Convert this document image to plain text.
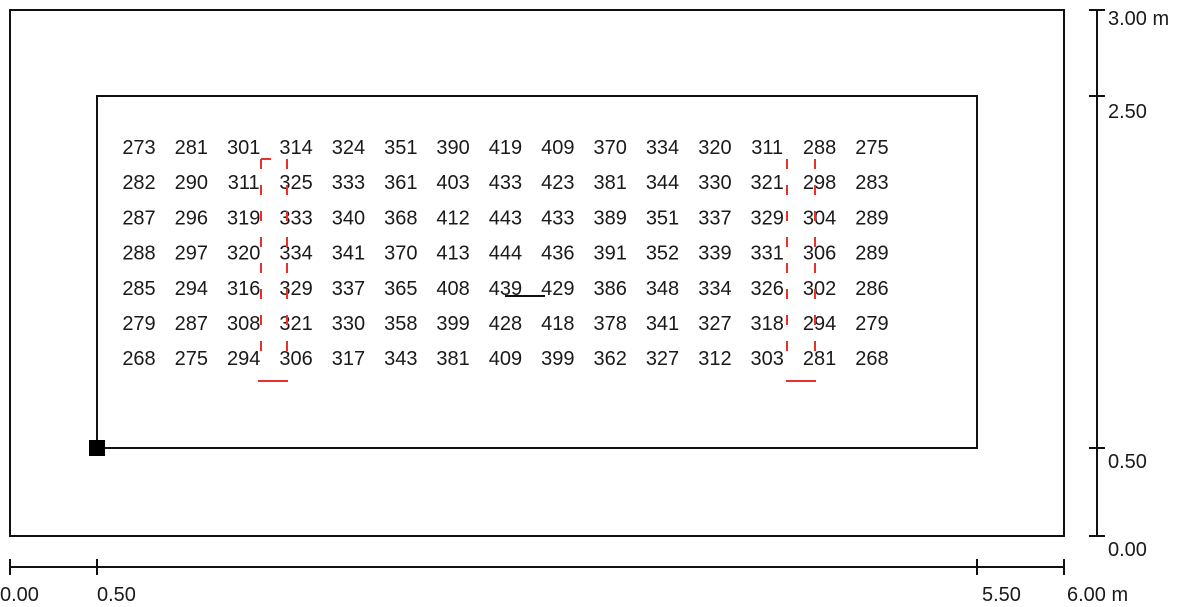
273 281 301 314 324 351 390 419 409 370 334 320 311 288 275
282 290 311 325 333 361 403 433 423 381 344 330 321 298 283
287 296 319 333 340 368 412 443 433 389 351 337 329 304 289
288 297 320 334 341 370 413 444 436 391 352 339 331 306 289
285 294 316 329 337 365 408 439 429 386 348 334 326 302 286
279 287 308 321 330 358 399 428 418 378 341 327 318 294 279
268 275 294 306 317 343 381 409 399 362 327 312 303 281 268
0.00	0.50	5.50 6.00 m
3.00 m
2.50
0.50
0.00
